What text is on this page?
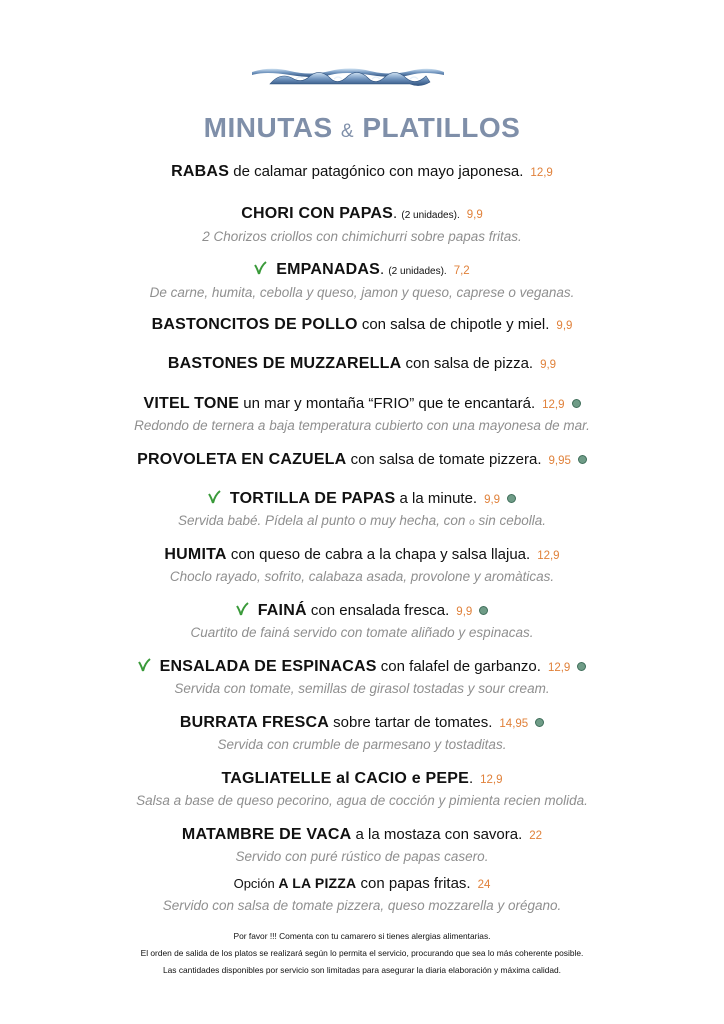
MINUTAS & PLATILLOS
RABAS de calamar patagónico con mayo japonesa. 12,9
CHORI CON PAPAS. (2 unidades). 9,9
2 Chorizos criollos con chimichurri sobre papas fritas.
EMPANADAS. (2 unidades). 7,2
De carne, humita, cebolla y queso, jamon y queso, caprese o veganas.
BASTONCITOS DE POLLO con salsa de chipotle y miel. 9,9
BASTONES DE MUZZARELLA con salsa de pizza. 9,9
VITEL TONE un mar y montaña “FRIO” que te encantará. 12,9
Redondo de ternera a baja temperatura cubierto con una mayonesa de mar.
PROVOLETA EN CAZUELA con salsa de tomate pizzera. 9,95
TORTILLA DE PAPAS a la minute. 9,9
Servida babé. Pídela al punto o muy hecha, con o sin cebolla.
HUMITA con queso de cabra a la chapa y salsa llajua. 12,9
Choclo rayado, sofrito, calabaza asada, provolone y aromàticas.
FAINÁ con ensalada fresca. 9,9
Cuartito de fainá servido con tomate aliñado y espinacas.
ENSALADA DE ESPINACAS con falafel de garbanzo. 12,9
Servida con tomate, semillas de girasol tostadas y sour cream.
BURRATA FRESCA sobre tartar de tomates. 14,95
Servida con crumble de parmesano y tostaditas.
TAGLIATELLE al CACIO e PEPE. 12,9
Salsa a base de queso pecorino, agua de cocción y pimienta recien molida.
MATAMBRE DE VACA a la mostaza con savora. 22
Servido con puré rústico de papas casero.
Opción A LA PIZZA con papas fritas. 24
Servido con salsa de tomate pizzera, queso mozzarella y orégano.
Por favor !!! Comenta con tu camarero si tienes alergias alimentarias.
El orden de salida de los platos se realizará según lo permita el servicio, procurando que sea lo más coherente posible.
Las cantidades disponibles por servicio son limitadas para asegurar la diaria elaboración y máxima calidad.
